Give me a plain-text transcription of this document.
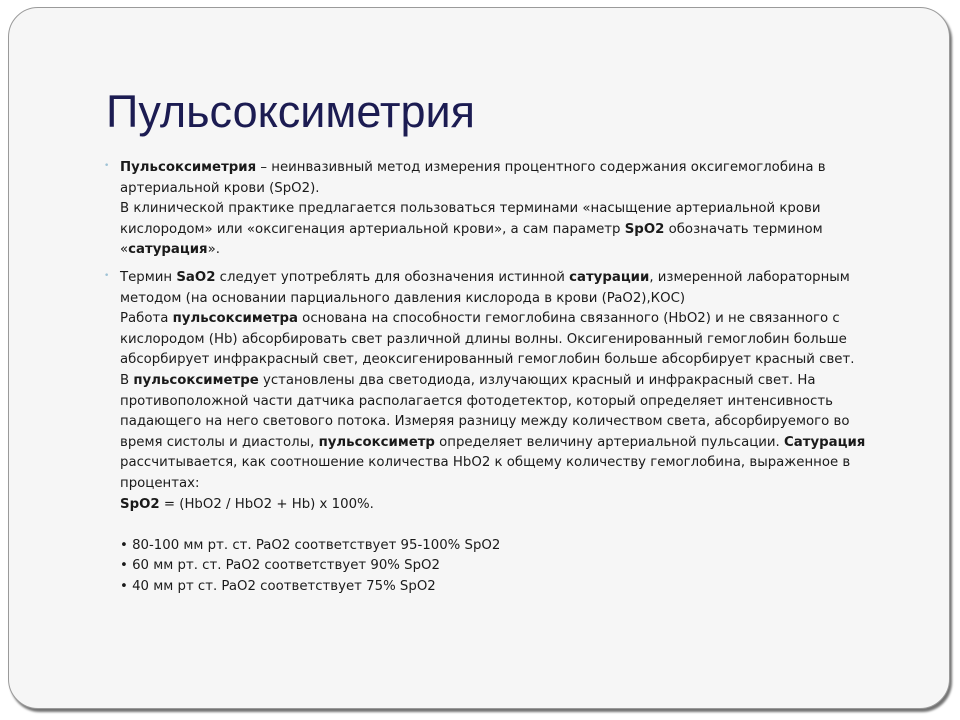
Пульсоксиметрия
• Пульсоксиметрия – неинвазивный метод измерения процентного содержания оксигемоглобина в
артериальной крови (SpO2).
В клинической практике предлагается пользоваться терминами «насыщение артериальной крови
кислородом» или «оксигенация артериальной крови», а сам параметр SpO2 обозначать термином
«сатурация».
• Термин SaO2 следует употреблять для обозначения истинной сатурации, измеренной лабораторным
методом (на основании парциального давления кислорода в крови (PaO2),КОС)
Работа пульсоксиметра основана на способности гемоглобина связанного (HbO2) и не связанного с
кислородом (Hb) абсорбировать свет различной длины волны. Оксигенированный гемоглобин больше
абсорбирует инфракрасный свет, деоксигенированный гемоглобин больше абсорбирует красный свет.
В пульсоксиметре установлены два светодиода, излучающих красный и инфракрасный свет. На
противоположной части датчика располагается фотодетектор, который определяет интенсивность
падающего на него светового потока. Измеряя разницу между количеством света, абсорбируемого во
время систолы и диастолы, пульсоксиметр определяет величину артериальной пульсации. Сатурация
рассчитывается, как соотношение количества HbO2 к общему количеству гемоглобина, выраженное в
процентах:
SpO2 = (HbO2 / HbO2 + Hb) x 100%.
• 80-100 мм рт. ст. PaO2 соответствует 95-100% SpO2
• 60 мм рт. ст. PaO2 соответствует 90% SpO2
• 40 мм рт ст. PaO2 соответствует 75% SpO2
